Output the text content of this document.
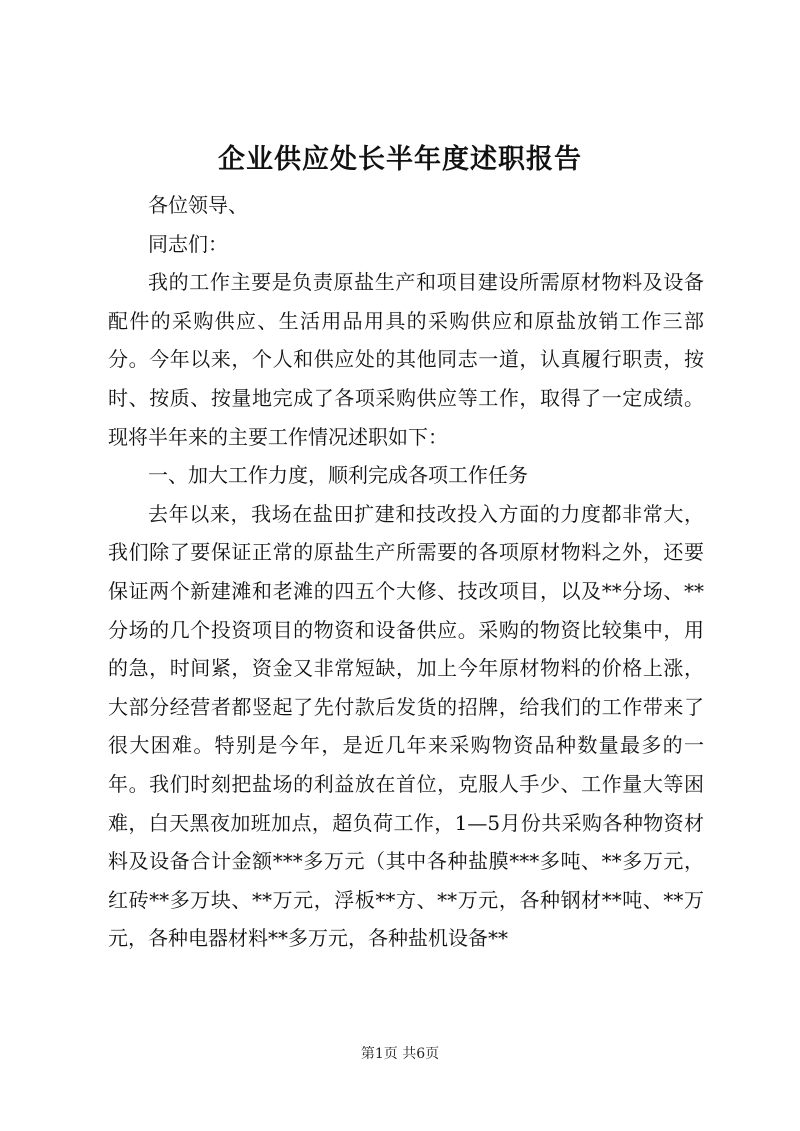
企业供应处长半年度述职报告

各位领导、

同志们：

我的工作主要是负责原盐生产和项目建设所需原材物料及设备配件的采购供应、生活用品用具的采购供应和原盐放销工作三部分。今年以来，个人和供应处的其他同志一道，认真履行职责，按时、按质、按量地完成了各项采购供应等工作，取得了一定成绩。现将半年来的主要工作情况述职如下：

一、加大工作力度，顺利完成各项工作任务

去年以来，我场在盐田扩建和技改投入方面的力度都非常大，我们除了要保证正常的原盐生产所需要的各项原材物料之外，还要保证两个新建滩和老滩的四五个大修、技改项目，以及**分场、**分场的几个投资项目的物资和设备供应。采购的物资比较集中，用的急，时间紧，资金又非常短缺，加上今年原材物料的价格上涨，大部分经营者都竖起了先付款后发货的招牌，给我们的工作带来了很大困难。特别是今年，是近几年来采购物资品种数量最多的一年。我们时刻把盐场的利益放在首位，克服人手少、工作量大等困难，白天黑夜加班加点，超负荷工作，1—5月份共采购各种物资材料及设备合计金额***多万元（其中各种盐膜***多吨、**多万元，红砖**多万块、**万元，浮板**方、**万元，各种钢材**吨、**万元，各种电器材料**多万元，各种盐机设备**

第1页 共6页
